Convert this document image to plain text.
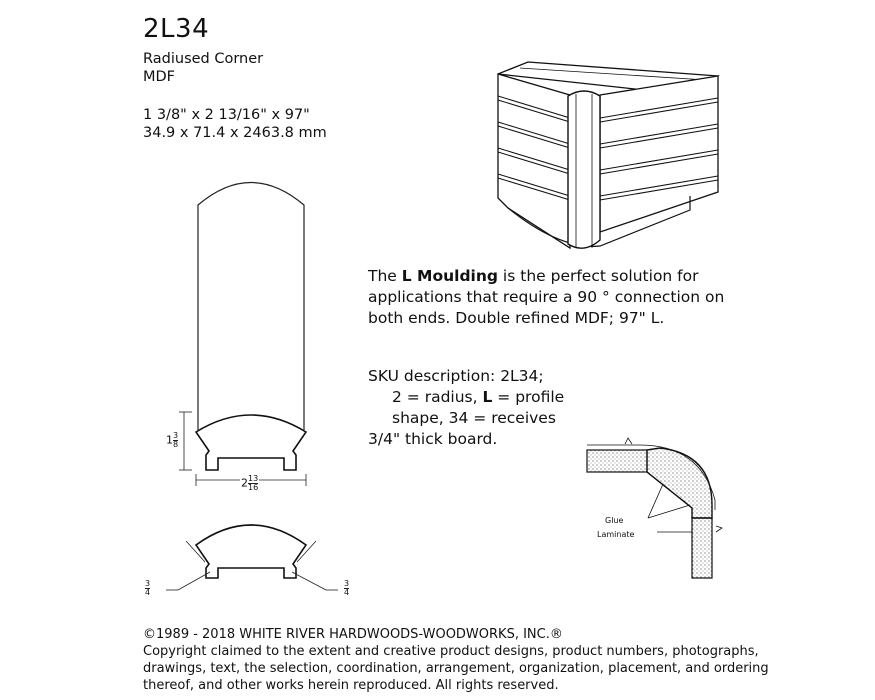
2L34
Radiused Corner
MDF
1 3/8" x 2 13/16" x 97"
34.9 x 71.4 x 2463.8 mm
$1 \frac{3}{8}$
$2 \frac{13}{16}$
3
4
3
4
The L Moulding is the perfect solution for applications that require a 90 ° connection on both ends. Double refined MDF; 97" L.
SKU description: 2L34;
2 = radius, L = profile
shape, 34 = receives
3/4" thick board.
Glue
Laminate
©1989 - 2018 WHITE RIVER HARDWOODS-WOODWORKS, INC.®
Copyright claimed to the extent and creative product designs, product numbers, photographs,
drawings, text, the selection, coordination, arrangement, organization, placement, and ordering
thereof, and other works herein reproduced. All rights reserved.
